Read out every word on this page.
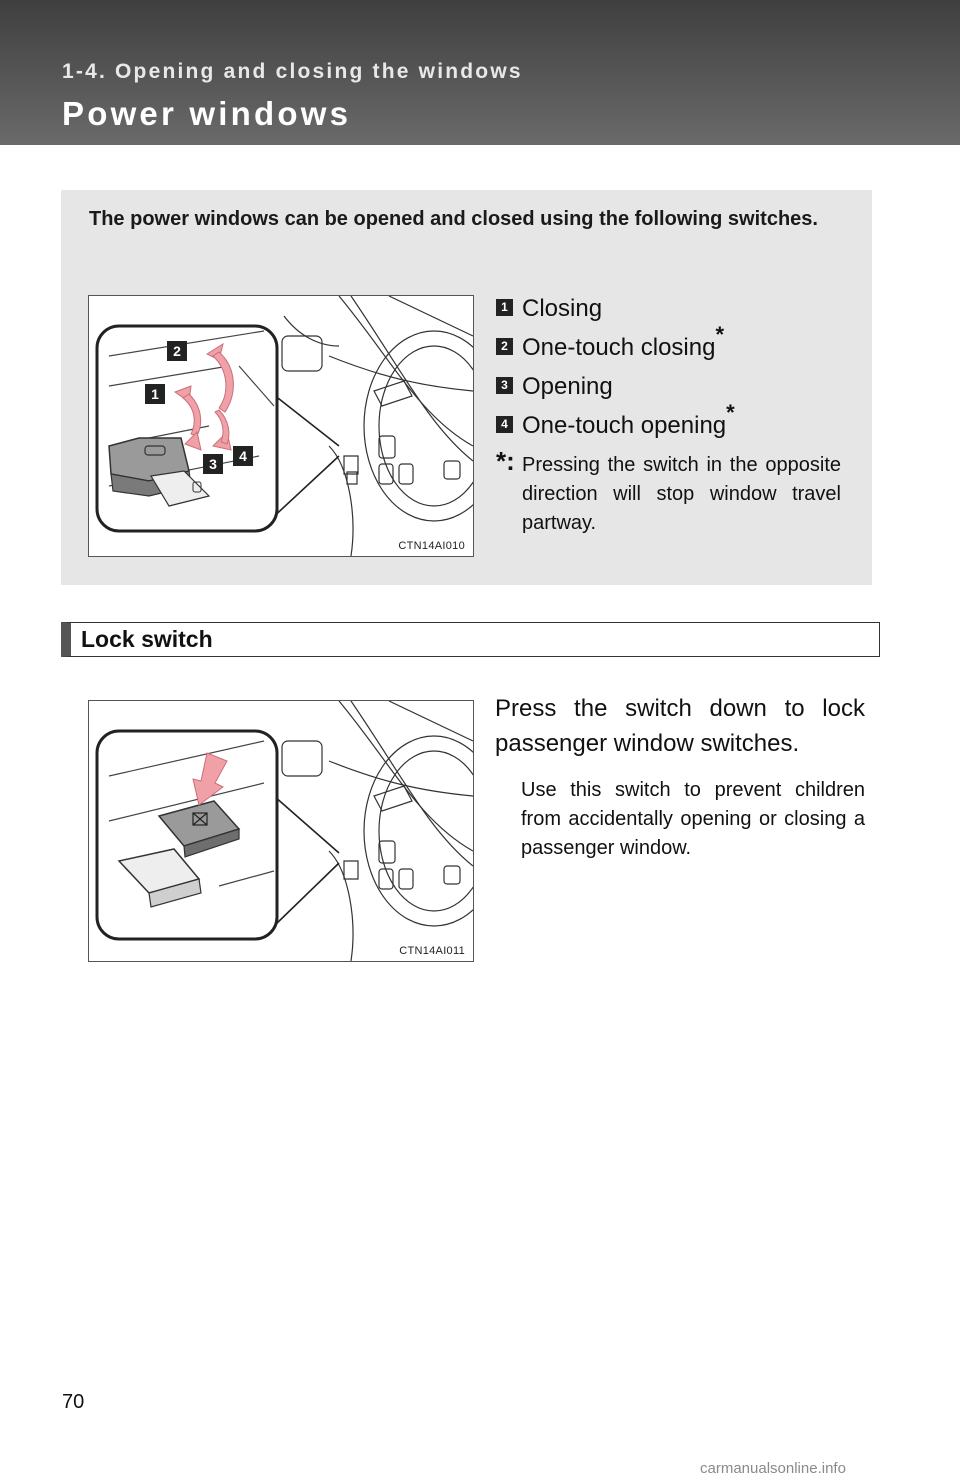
1-4. Opening and closing the windows
Power windows
The power windows can be opened and closed using the following switches.
2
1
3 4
CTN14AI010
1 Closing
2 One-touch closing*
3 Opening
4 One-touch opening*
*: Pressing the switch in the opposite direction will stop window travel partway.
Lock switch
CTN14AI011
Press the switch down to lock passenger window switches.
Use this switch to prevent children from accidentally opening or closing a passenger window.
70
carmanualsonline.info
